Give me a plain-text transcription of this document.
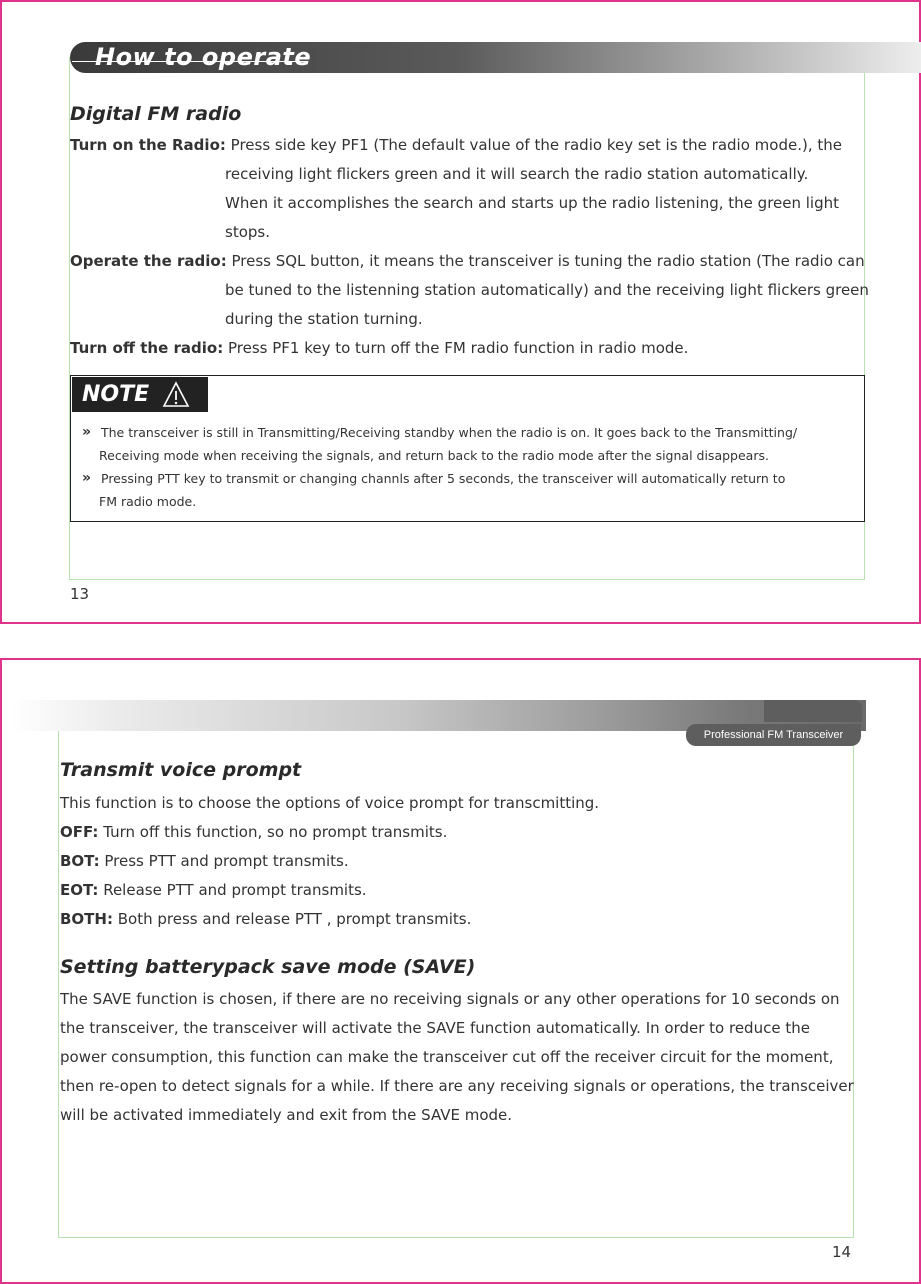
How to operate
Digital FM radio
Turn on the Radio: Press side key PF1 (The default value of the radio key set is the radio mode.), the
receiving light flickers green and it will search the radio station automatically.
When it accomplishes the search and starts up the radio listening, the green light
stops.
Operate the radio: Press SQL button, it means the transceiver is tuning the radio station (The radio can
be tuned to the listenning station automatically) and the receiving light flickers green
during the station turning.
Turn off the radio: Press PF1 key to turn off the FM radio function in radio mode.
NOTE
» The transceiver is still in Transmitting/Receiving standby when the radio is on. It goes back to the Transmitting/
Receiving mode when receiving the signals, and return back to the radio mode after the signal disappears.
» Pressing PTT key to transmit or changing channls after 5 seconds, the transceiver will automatically return to
FM radio mode.
13
Professional FM Transceiver
Transmit voice prompt
This function is to choose the options of voice prompt for transcmitting.
OFF: Turn off this function, so no prompt transmits.
BOT: Press PTT and prompt transmits.
EOT: Release PTT and prompt transmits.
BOTH: Both press and release PTT , prompt transmits.
Setting batterypack save mode (SAVE)
The SAVE function is chosen, if there are no receiving signals or any other operations for 10 seconds on
the transceiver, the transceiver will activate the SAVE function automatically. In order to reduce the
power consumption, this function can make the transceiver cut off the receiver circuit for the moment,
then re-open to detect signals for a while. If there are any receiving signals or operations, the transceiver
will be activated immediately and exit from the SAVE mode.
14
